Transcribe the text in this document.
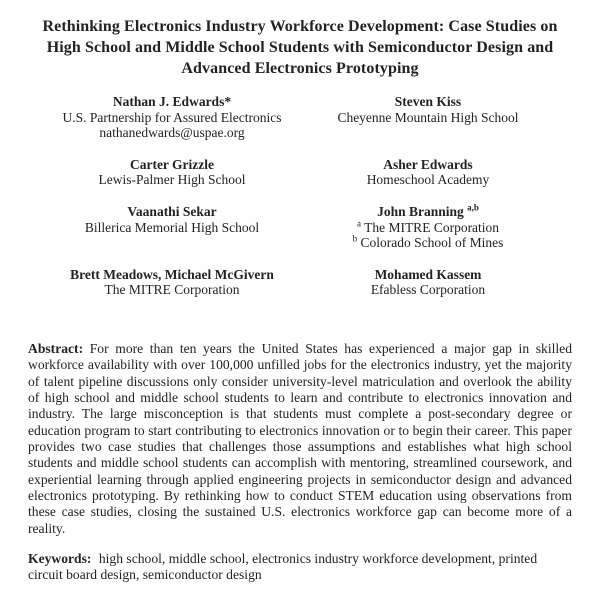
Rethinking Electronics Industry Workforce Development: Case Studies on High School and Middle School Students with Semiconductor Design and Advanced Electronics Prototyping
Nathan J. Edwards*
U.S. Partnership for Assured Electronics
nathanedwards@uspae.org
Steven Kiss
Cheyenne Mountain High School
Carter Grizzle
Lewis-Palmer High School
Asher Edwards
Homeschool Academy
Vaanathi Sekar
Billerica Memorial High School
John Branning $^{a,b}$
$^a$ The MITRE Corporation
$^b$ Colorado School of Mines
Brett Meadows, Michael McGivern
The MITRE Corporation
Mohamed Kassem
Efabless Corporation

Abstract: For more than ten years the United States has experienced a major gap in skilled workforce availability with over 100,000 unfilled jobs for the electronics industry, yet the majority of talent pipeline discussions only consider university-level matriculation and overlook the ability of high school and middle school students to learn and contribute to electronics innovation and industry. The large misconception is that students must complete a post-secondary degree or education program to start contributing to electronics innovation or to begin their career. This paper provides two case studies that challenges those assumptions and establishes what high school students and middle school students can accomplish with mentoring, streamlined coursework, and experiential learning through applied engineering projects in semiconductor design and advanced electronics prototyping. By rethinking how to conduct STEM education using observations from these case studies, closing the sustained U.S. electronics workforce gap can become more of a reality.

Keywords: high school, middle school, electronics industry workforce development, printed circuit board design, semiconductor design
